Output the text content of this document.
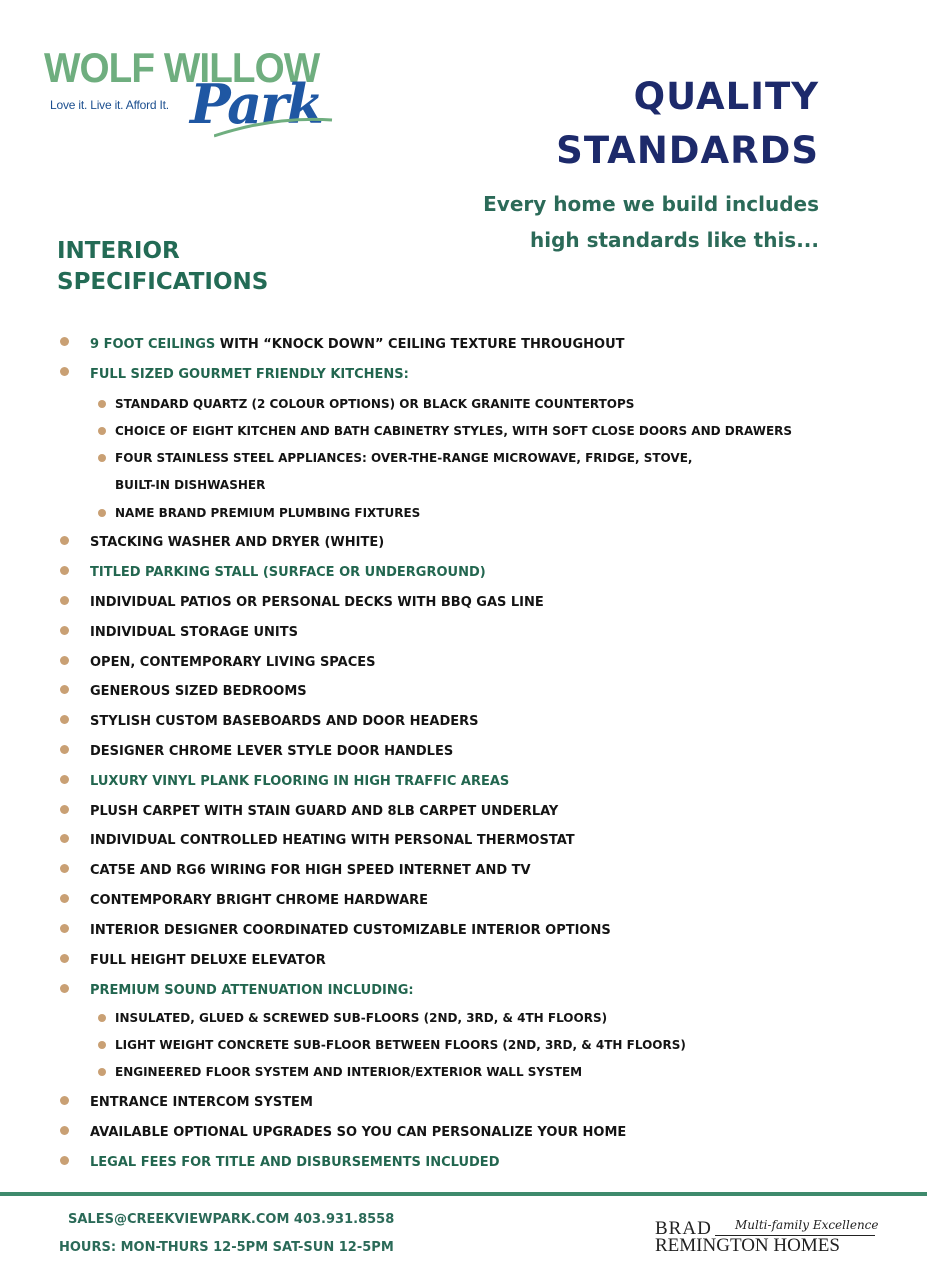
WOLF WILLOW
Love it. Live it. Afford It. Park	QUALITY
STANDARDS
Every home we build includes
high standards like this...
INTERIOR
SPECIFICATIONS
9 FOOT CEILINGS WITH “KNOCK DOWN” CEILING TEXTURE THROUGHOUT
FULL SIZED GOURMET FRIENDLY KITCHENS:
STANDARD QUARTZ (2 COLOUR OPTIONS) OR BLACK GRANITE COUNTERTOPS
CHOICE OF EIGHT KITCHEN AND BATH CABINETRY STYLES, WITH SOFT CLOSE DOORS AND DRAWERS
FOUR STAINLESS STEEL APPLIANCES: OVER-THE-RANGE MICROWAVE, FRIDGE, STOVE,
BUILT-IN DISHWASHER
NAME BRAND PREMIUM PLUMBING FIXTURES
STACKING WASHER AND DRYER (WHITE)
TITLED PARKING STALL (SURFACE OR UNDERGROUND)
INDIVIDUAL PATIOS OR PERSONAL DECKS WITH BBQ GAS LINE
INDIVIDUAL STORAGE UNITS
OPEN, CONTEMPORARY LIVING SPACES
GENEROUS SIZED BEDROOMS
STYLISH CUSTOM BASEBOARDS AND DOOR HEADERS
DESIGNER CHROME LEVER STYLE DOOR HANDLES
LUXURY VINYL PLANK FLOORING IN HIGH TRAFFIC AREAS
PLUSH CARPET WITH STAIN GUARD AND 8LB CARPET UNDERLAY
INDIVIDUAL CONTROLLED HEATING WITH PERSONAL THERMOSTAT
CAT5E AND RG6 WIRING FOR HIGH SPEED INTERNET AND TV
CONTEMPORARY BRIGHT CHROME HARDWARE
INTERIOR DESIGNER COORDINATED CUSTOMIZABLE INTERIOR OPTIONS
FULL HEIGHT DELUXE ELEVATOR
PREMIUM SOUND ATTENUATION INCLUDING:
INSULATED, GLUED & SCREWED SUB-FLOORS (2ND, 3RD, & 4TH FLOORS)
LIGHT WEIGHT CONCRETE SUB-FLOOR BETWEEN FLOORS (2ND, 3RD, & 4TH FLOORS)
ENGINEERED FLOOR SYSTEM AND INTERIOR/EXTERIOR WALL SYSTEM
ENTRANCE INTERCOM SYSTEM
AVAILABLE OPTIONAL UPGRADES SO YOU CAN PERSONALIZE YOUR HOME
LEGAL FEES FOR TITLE AND DISBURSEMENTS INCLUDED
SALES@CREEKVIEWPARK.COM 403.931.8558
HOURS: MON-THURS 12-5PM SAT-SUN 12-5PM
BRAD Multi-family Excellence
REMINGTON HOMES
